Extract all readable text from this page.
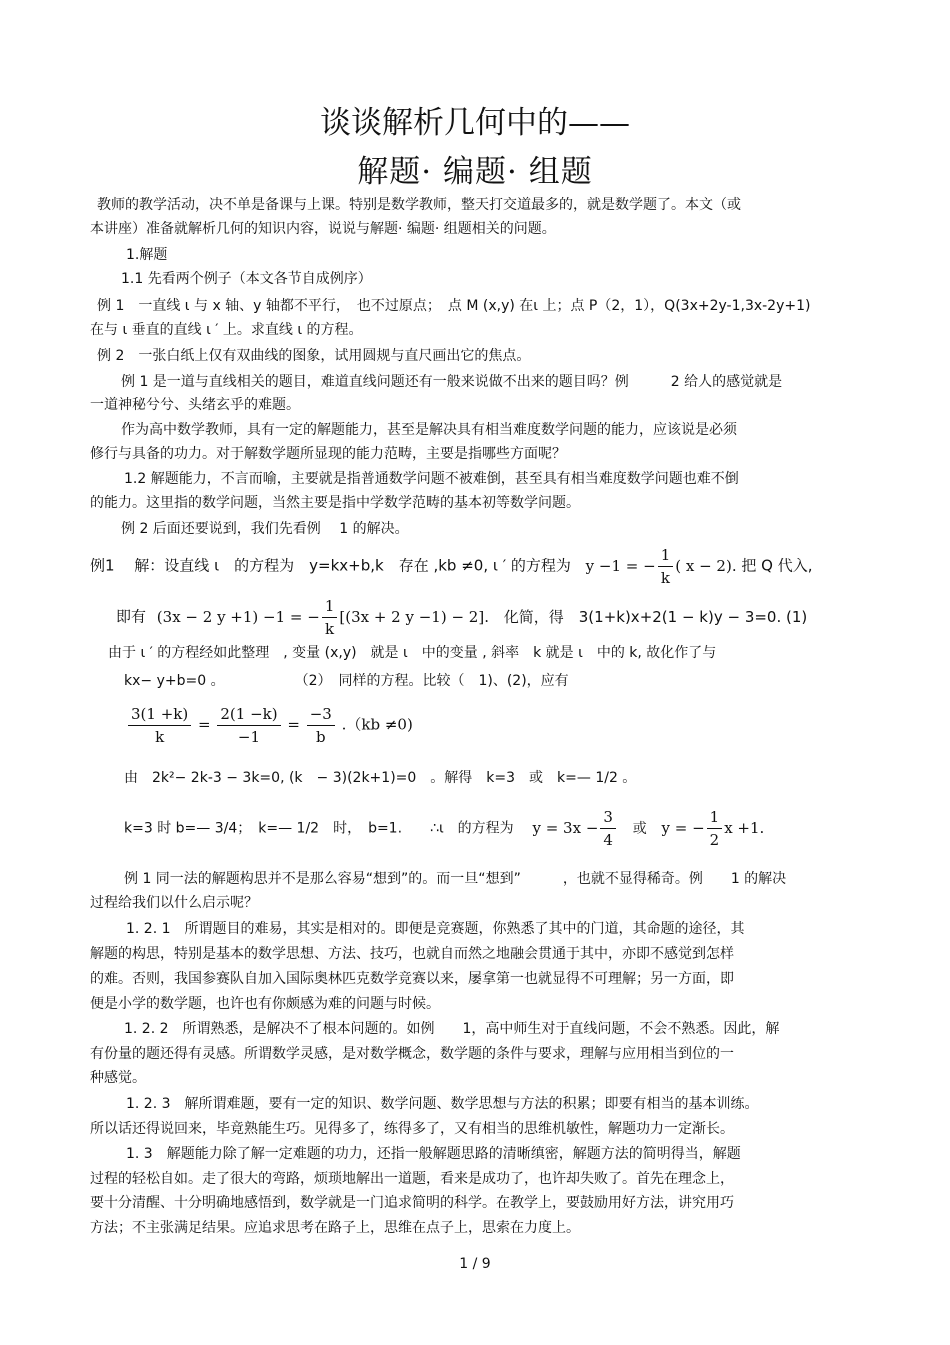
谈谈解析几何中的——
解题· 编题· 组题
教师的教学活动，决不单是备课与上课。特别是数学教师，整天打交道最多的，就是数学题了。本文（或
本讲座）准备就解析几何的知识内容，说说与解题· 编题· 组题相关的问题。
1.解题
1.1 先看两个例子（本文各节自成例序）
例 1　一直线 ι 与 x 轴、y 轴都不平行，　也不过原点；　点 M (x,y) 在ι 上；点 P（2，1），Q(3x+2y-1,3x-2y+1)
在与 ι 垂直的直线 ι ′ 上。求直线 ι 的方程。
例 2　一张白纸上仅有双曲线的图象，试用圆规与直尺画出它的焦点。
例 1 是一道与直线相关的题目，难道直线问题还有一般来说做不出来的题目吗？例　　　2 给人的感觉就是
一道神秘兮兮、头绪玄乎的难题。
作为高中数学教师，具有一定的解题能力，甚至是解决具有相当难度数学问题的能力，应该说是必须
修行与具备的功力。对于解数学题所显现的能力范畴，主要是指哪些方面呢？
1.2 解题能力，不言而喻，主要就是指普通数学问题不被难倒，甚至具有相当难度数学问题也难不倒
的能力。这里指的数学问题，当然主要是指中学数学范畴的基本初等数学问题。
例 2 后面还要说到，我们先看例　 1 的解决。
例1　 解：设直线 ι　的方程为　y=kx+b,k　存在 ,kb ≠0, ι ′ 的方程为 y −1 = − $\frac{1}{k}$ ( x − 2). 把 Q 代入,
即有 (3x − 2 y +1) −1 = − $\frac{1}{k} [(3x + 2$ y −1) − 2]. 化简，得　3(1+k)x+2(1 − k)y − 3=0. (1)
由于 ι ′ 的方程经如此整理　, 变量 (x,y)　就是 ι　中的变量 , 斜率　k 就是 ι　中的 k, 故化作了与
kx− y+b=0 。　　　　　　（2）　同样的方程。比较（　1)、(2)，应有
$\frac{3(1 +k)}{k} = \frac{2(1 -k)}{-1} = \frac{-3}{b} .(kb \ne 0)$
由　2k²− 2k-3 − 3k=0, (k　− 3)(2k+1)=0　。解得　k=3　或　k=— 1/2 。
k=3 时 b=— 3/4；　k=— 1/2　时，　b=1.　　∴ι　的方程为 $y = 3x - \frac{3}{4}$ 或 y = − $\frac{1}{2}$ x +1.
例 1 同一法的解题构思并不是那么容易“想到”的。而一旦“想到”　　　，也就不显得稀奇。例　　1 的解决
过程给我们以什么启示呢？
1. 2. 1　所谓题目的难易，其实是相对的。即便是竞赛题，你熟悉了其中的门道，其命题的途径，其
解题的构思，特别是基本的数学思想、方法、技巧，也就自而然之地融会贯通于其中，亦即不感觉到怎样
的难。否则，我国参赛队自加入国际奥林匹克数学竞赛以来，屡拿第一也就显得不可理解；另一方面，即
便是小学的数学题，也许也有你颇感为难的问题与时候。
1. 2. 2　所谓熟悉，是解决不了根本问题的。如例　　1，高中师生对于直线问题，不会不熟悉。因此，解
有份量的题还得有灵感。所谓数学灵感，是对数学概念，数学题的条件与要求，理解与应用相当到位的一
种感觉。
1. 2. 3　解所谓难题，要有一定的知识、数学问题、数学思想与方法的积累；即要有相当的基本训练。
所以话还得说回来，毕竟熟能生巧。见得多了，练得多了，又有相当的思维机敏性，解题功力一定渐长。
1. 3　解题能力除了解一定难题的功力，还指一般解题思路的清晰缜密，解题方法的简明得当，解题
过程的轻松自如。走了很大的弯路，烦琐地解出一道题，看来是成功了，也许却失败了。首先在理念上，
要十分清醒、十分明确地感悟到，数学就是一门追求简明的科学。在教学上，要鼓励用好方法，讲究用巧
方法；不主张满足结果。应追求思考在路子上，思维在点子上，思索在力度上。
1 / 9
